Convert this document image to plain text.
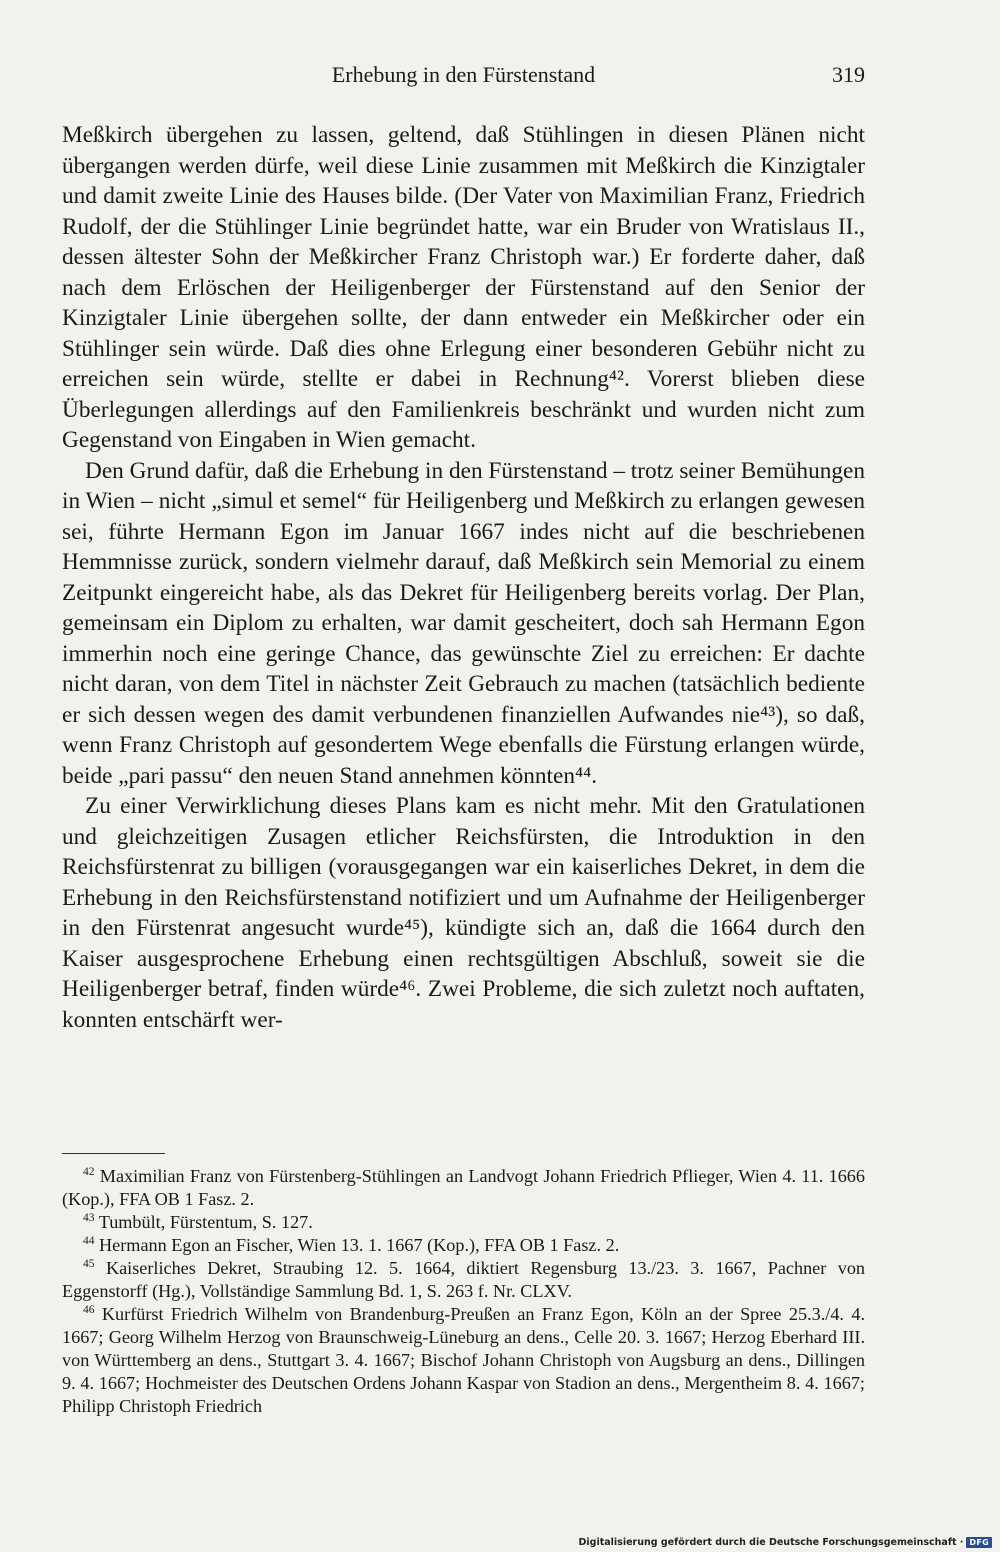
Erhebung in den Fürstenstand	319

Meßkirch übergehen zu lassen, geltend, daß Stühlingen in diesen Plänen nicht übergangen werden dürfe, weil diese Linie zusammen mit Meßkirch die Kinzigtaler und damit zweite Linie des Hauses bilde. (Der Vater von Maximilian Franz, Friedrich Rudolf, der die Stühlinger Linie begründet hatte, war ein Bruder von Wratislaus II., dessen ältester Sohn der Meßkircher Franz Christoph war.) Er forderte daher, daß nach dem Erlöschen der Heiligenberger der Fürstenstand auf den Senior der Kinzigtaler Linie übergehen sollte, der dann entweder ein Meßkircher oder ein Stühlinger sein würde. Daß dies ohne Erlegung einer besonderen Gebühr nicht zu erreichen sein würde, stellte er dabei in Rechnung⁴². Vorerst blieben diese Überlegungen allerdings auf den Familienkreis beschränkt und wurden nicht zum Gegenstand von Eingaben in Wien gemacht.

Den Grund dafür, daß die Erhebung in den Fürstenstand – trotz seiner Bemühungen in Wien – nicht „simul et semel“ für Heiligenberg und Meßkirch zu erlangen gewesen sei, führte Hermann Egon im Januar 1667 indes nicht auf die beschriebenen Hemmnisse zurück, sondern vielmehr darauf, daß Meßkirch sein Memorial zu einem Zeitpunkt eingereicht habe, als das Dekret für Heiligenberg bereits vorlag. Der Plan, gemeinsam ein Diplom zu erhalten, war damit gescheitert, doch sah Hermann Egon immerhin noch eine geringe Chance, das gewünschte Ziel zu erreichen: Er dachte nicht daran, von dem Titel in nächster Zeit Gebrauch zu machen (tatsächlich bediente er sich dessen wegen des damit verbundenen finanziellen Aufwandes nie⁴³), so daß, wenn Franz Christoph auf gesondertem Wege ebenfalls die Fürstung erlangen würde, beide „pari passu“ den neuen Stand annehmen könnten⁴⁴.

Zu einer Verwirklichung dieses Plans kam es nicht mehr. Mit den Gratulationen und gleichzeitigen Zusagen etlicher Reichsfürsten, die Introduktion in den Reichsfürstenrat zu billigen (vorausgegangen war ein kaiserliches Dekret, in dem die Erhebung in den Reichsfürstenstand notifiziert und um Aufnahme der Heiligenberger in den Fürstenrat angesucht wurde⁴⁵), kündigte sich an, daß die 1664 durch den Kaiser ausgesprochene Erhebung einen rechtsgültigen Abschluß, soweit sie die Heiligenberger betraf, finden würde⁴⁶. Zwei Probleme, die sich zuletzt noch auftaten, konnten entschärft wer-

$^{42}$ Maximilian Franz von Fürstenberg-Stühlingen an Landvogt Johann Friedrich Pflieger, Wien 4. 11. 1666 (Kop.), FFA OB 1 Fasz. 2.

$^{43}$ Tumbült, Fürstentum, S. 127.

$^{44}$ Hermann Egon an Fischer, Wien 13. 1. 1667 (Kop.), FFA OB 1 Fasz. 2.

$^{45}$ Kaiserliches Dekret, Straubing 12. 5. 1664, diktiert Regensburg 13./23. 3. 1667, Pachner von Eggenstorff (Hg.), Vollständige Sammlung Bd. 1, S. 263 f. Nr. CLXV.

$^{46}$ Kurfürst Friedrich Wilhelm von Brandenburg-Preußen an Franz Egon, Köln an der Spree 25.3./4. 4. 1667; Georg Wilhelm Herzog von Braunschweig-Lüneburg an dens., Celle 20. 3. 1667; Herzog Eberhard III. von Württemberg an dens., Stuttgart 3. 4. 1667; Bischof Johann Christoph von Augsburg an dens., Dillingen 9. 4. 1667; Hochmeister des Deutschen Ordens Johann Kaspar von Stadion an dens., Mergentheim 8. 4. 1667; Philipp Christoph Friedrich

Digitalisierung gefördert durch die Deutsche Forschungsgemeinschaft · DFG
